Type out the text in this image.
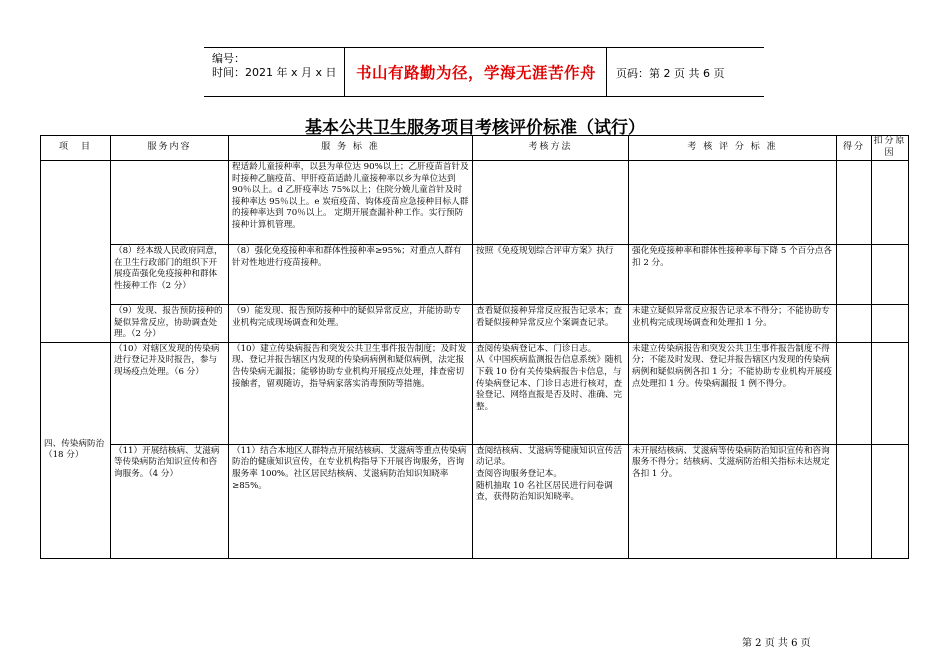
编号：
时间：2021 年 x 月 x 日	书山有路勤为径，学海无涯苦作舟	页码：第 2 页 共 6 页
基本公共卫生服务项目考核评价标准（试行）
项　目	服务内容	服 务 标 准	考核方法	考 核 评 分 标 准	得分	扣分原因
		程适龄儿童接种率，以县为单位达 90%以上；乙肝疫苗首针及时接种乙脑疫苗、甲肝疫苗适龄儿童接种率以乡为单位达到 90％以上。d 乙肝疫率达 75%以上；住院分娩儿童首针及时接种率达 95％以上。e 炭疽疫苗、钩体疫苗应急接种目标人群的接种率达到 70％以上。 定期开展查漏补种工作。实行预防接种计算机管理。				
	（8）经本级人民政府同意，在卫生行政部门的组织下开展疫苗强化免疫接种和群体性接种工作（2 分）	（8）强化免疫接种率和群体性接种率≥95%；对重点人群有针对性地进行疫苗接种。	按照《免疫规划综合评审方案》执行	强化免疫接种率和群体性接种率每下降 5 个百分点各扣 2 分。		
	（9）发现、报告预防接种的疑似异常反应，协助调查处理。（2 分）	（9）能发现、报告预防接种中的疑似异常反应，并能协助专业机构完成现场调查和处理。	查看疑似接种异常反应报告记录本；查看疑似接种异常反应个案调查记录。	未建立疑似异常反应报告记录本不得分；不能协助专业机构完成现场调查和处理扣 1 分。		
四、传染病防治（18 分）	（10）对辖区发现的传染病进行登记并及时报告，参与现场疫点处理。（6 分）	（10）建立传染病报告和突发公共卫生事件报告制度；及时发现、登记并报告辖区内发现的传染病病例和疑似病例，法定报告传染病无漏报；能够协助专业机构开展疫点处理，排查密切接触者，留观随访，指导病家落实消毒预防等措施。	查阅传染病登记本、门诊日志。
从《中国疾病监测报告信息系统》随机下载 10 份有关传染病报告卡信息，与传染病登记本、门诊日志进行核对，查验登记、网络直报是否及时、准确、完整。	未建立传染病报告和突发公共卫生事件报告制度不得分；不能及时发现、登记并报告辖区内发现的传染病病例和疑似病例各扣 1 分；不能协助专业机构开展疫点处理扣 1 分。传染病漏报 1 例不得分。		
	（11）开展结核病、艾滋病等传染病防治知识宣传和咨询服务。（4 分）	（11）结合本地区人群特点开展结核病、艾滋病等重点传染病防治的健康知识宣传，在专业机构指导下开展咨询服务，咨询服务率 100%。社区居民结核病、艾滋病防治知识知晓率≥85%。	查阅结核病、艾滋病等健康知识宣传活动记录。
查阅咨询服务登记本。
随机抽取 10 名社区居民进行问卷调查，获得防治知识知晓率。	未开展结核病、艾滋病等传染病防治知识宣传和咨询服务不得分；结核病、艾滋病防治相关指标未达规定各扣 1 分。		
第 2 页 共 6 页
